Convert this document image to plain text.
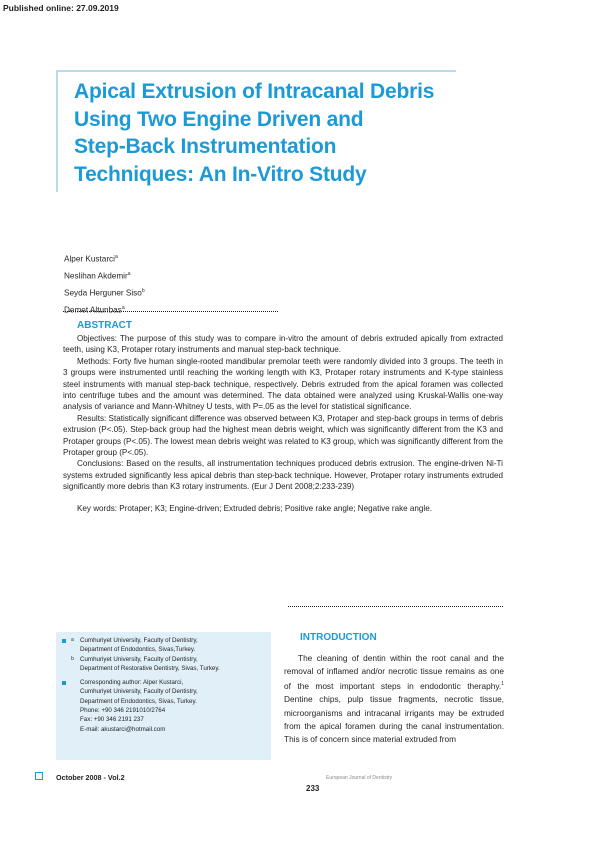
Published online: 27.09.2019
Apical Extrusion of Intracanal Debris
Using Two Engine Driven and
Step-Back Instrumentation
Techniques: An In-Vitro Study
Alper Kustarci$^a$
Neslihan Akdemir$^a$
Seyda Herguner Siso$^b$
Demet Altunbas$^a$
ABSTRACT

Objectives: The purpose of this study was to compare in-vitro the amount of debris extruded apically from extracted teeth, using K3, Protaper rotary instruments and manual step-back technique.

Methods: Forty five human single-rooted mandibular premolar teeth were randomly divided into 3 groups. The teeth in 3 groups were instrumented until reaching the working length with K3, Protaper rotary instruments and K-type stainless steel instruments with manual step-back technique, respectively. Debris extruded from the apical foramen was collected into centrifuge tubes and the amount was determined. The data obtained were analyzed using Kruskal-Wallis one-way analysis of variance and Mann-Whitney U tests, with P=.05 as the level for statistical significance.

Results: Statistically significant difference was observed between K3, Protaper and step-back groups in terms of debris extrusion (P<.05). Step-back group had the highest mean debris weight, which was significantly different from the K3 and Protaper groups (P<.05). The lowest mean debris weight was related to K3 group, which was significantly different from the Protaper group (P<.05).

Conclusions: Based on the results, all instrumentation techniques produced debris extrusion. The engine-driven Ni-Ti systems extruded significantly less apical debris than step-back technique. However, Protaper rotary instruments extruded significantly more debris than K3 rotary instruments. (Eur J Dent 2008;2:233-239)

Key words: Protaper; K3; Engine-driven; Extruded debris; Positive rake angle; Negative rake angle.

a Cumhuriyet University, Faculty of Dentistry,
Department of Endodontics, Sivas,Turkey.
b Cumhuriyet University, Faculty of Dentistry,
Department of Restorative Dentistry, Sivas, Turkey.
Corresponding author: Alper Kustarci,
Cumhuriyet University, Faculty of Dentistry,
Department of Endodontics, Sivas, Turkey.
Phone: +90 346 2191010/2764
Fax: +90 346 2191 237
E-mail: akustarci@hotmail.com
INTRODUCTION

The cleaning of dentin within the root canal and the removal of inflamed and/or necrotic tissue remains as one of the most important steps in endodontic theraphy.$^1$ Dentine chips, pulp tissue fragments, necrotic tissue, microorganisms and intracanal irrigants may be extruded from the apical foramen during the canal instrumentation. This is of concern since material extruded from

October 2008 - Vol.2	European Journal of Dentistry
233
